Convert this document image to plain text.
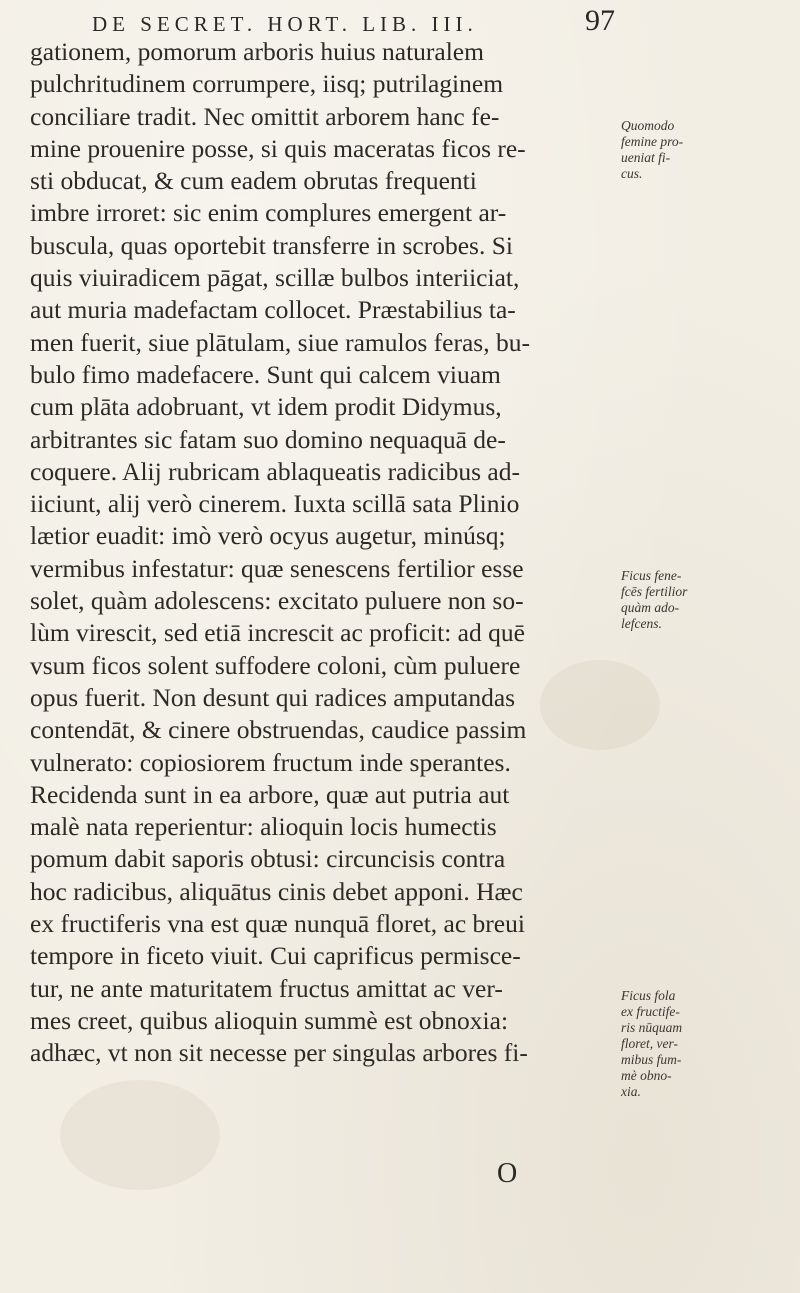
DE SECRET. HORT. LIB. III.	97
gationem, pomorum arboris huius naturalem
pulchritudinem corrumpere, iisq; putrilaginem
conciliare tradit. Nec omittit arborem hanc fe-
mine prouenire posse, si quis maceratas ficos re-
sti obducat, & cum eadem obrutas frequenti
imbre irroret: sic enim complures emergent ar-
buscula, quas oportebit transferre in scrobes. Si
quis viuiradicem pāgat, scillæ bulbos interiiciat,
aut muria madefactam collocet. Præstabilius ta-
men fuerit, siue plātulam, siue ramulos feras, bu-
bulo fimo madefacere. Sunt qui calcem viuam
cum plāta adobruant, vt idem prodit Didymus,
arbitrantes sic fatam suo domino nequaquā de-
coquere. Alij rubricam ablaqueatis radicibus ad-
iiciunt, alij verò cinerem. Iuxta scillā sata Plinio
lætior euadit: imò verò ocyus augetur, minúsq;
vermibus infestatur: quæ senescens fertilior esse
solet, quàm adolescens: excitato puluere non so-
lùm virescit, sed etiā increscit ac proficit: ad quē
vsum ficos solent suffodere coloni, cùm puluere
opus fuerit. Non desunt qui radices amputandas
contendāt, & cinere obstruendas, caudice passim
vulnerato: copiosiorem fructum inde sperantes.
Recidenda sunt in ea arbore, quæ aut putria aut
malè nata reperientur: alioquin locis humectis
pomum dabit saporis obtusi: circuncisis contra
hoc radicibus, aliquātus cinis debet apponi. Hæc
ex fructiferis vna est quæ nunquā floret, ac breui
tempore in ficeto viuit. Cui caprificus permisce-
tur, ne ante maturitatem fructus amittat ac ver-
mes creet, quibus alioquin summè est obnoxia:
adhæc, vt non sit necesse per singulas arbores fi-
Quomodo
femine pro-
ueniat fi-
cus.
Ficus fene-
fcēs fertilior
quàm ado-
lefcens.
Ficus fola
ex fructife-
ris nūquam
floret, ver-
mibus fum-
mè obno-
xia.
O
